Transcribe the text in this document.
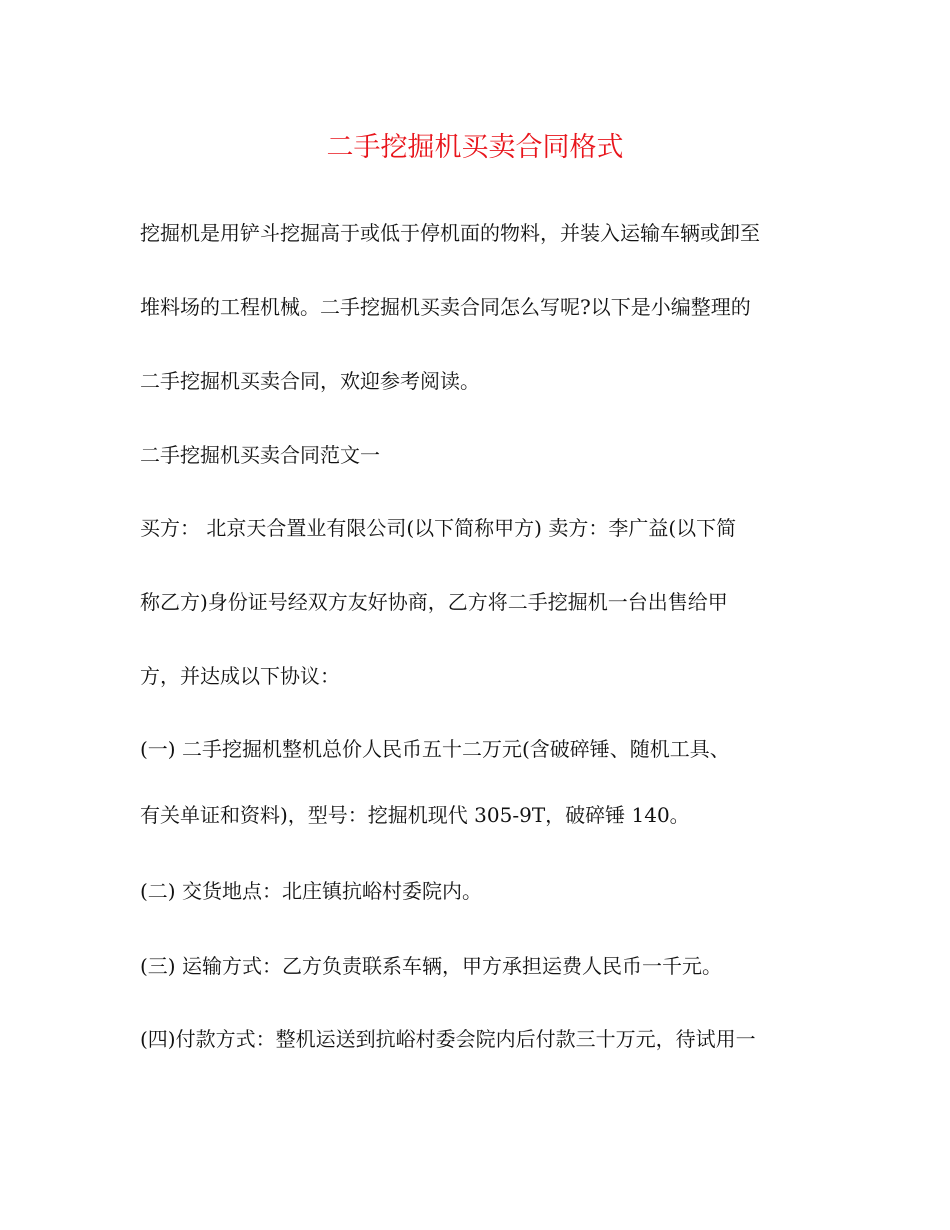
二手挖掘机买卖合同格式
挖掘机是用铲斗挖掘高于或低于停机面的物料，并装入运输车辆或卸至
堆料场的工程机械。二手挖掘机买卖合同怎么写呢?以下是小编整理的
二手挖掘机买卖合同，欢迎参考阅读。
二手挖掘机买卖合同范文一
买方： 北京天合置业有限公司(以下简称甲方) 卖方：李广益(以下简
称乙方)身份证号经双方友好协商，乙方将二手挖掘机一台出售给甲
方，并达成以下协议：
(一) 二手挖掘机整机总价人民币五十二万元(含破碎锤、随机工具、
有关单证和资料)，型号：挖掘机现代 305-9T，破碎锤 140。
(二) 交货地点：北庄镇抗峪村委院内。
(三) 运输方式：乙方负责联系车辆，甲方承担运费人民币一千元。
(四)付款方式：整机运送到抗峪村委会院内后付款三十万元，待试用一
